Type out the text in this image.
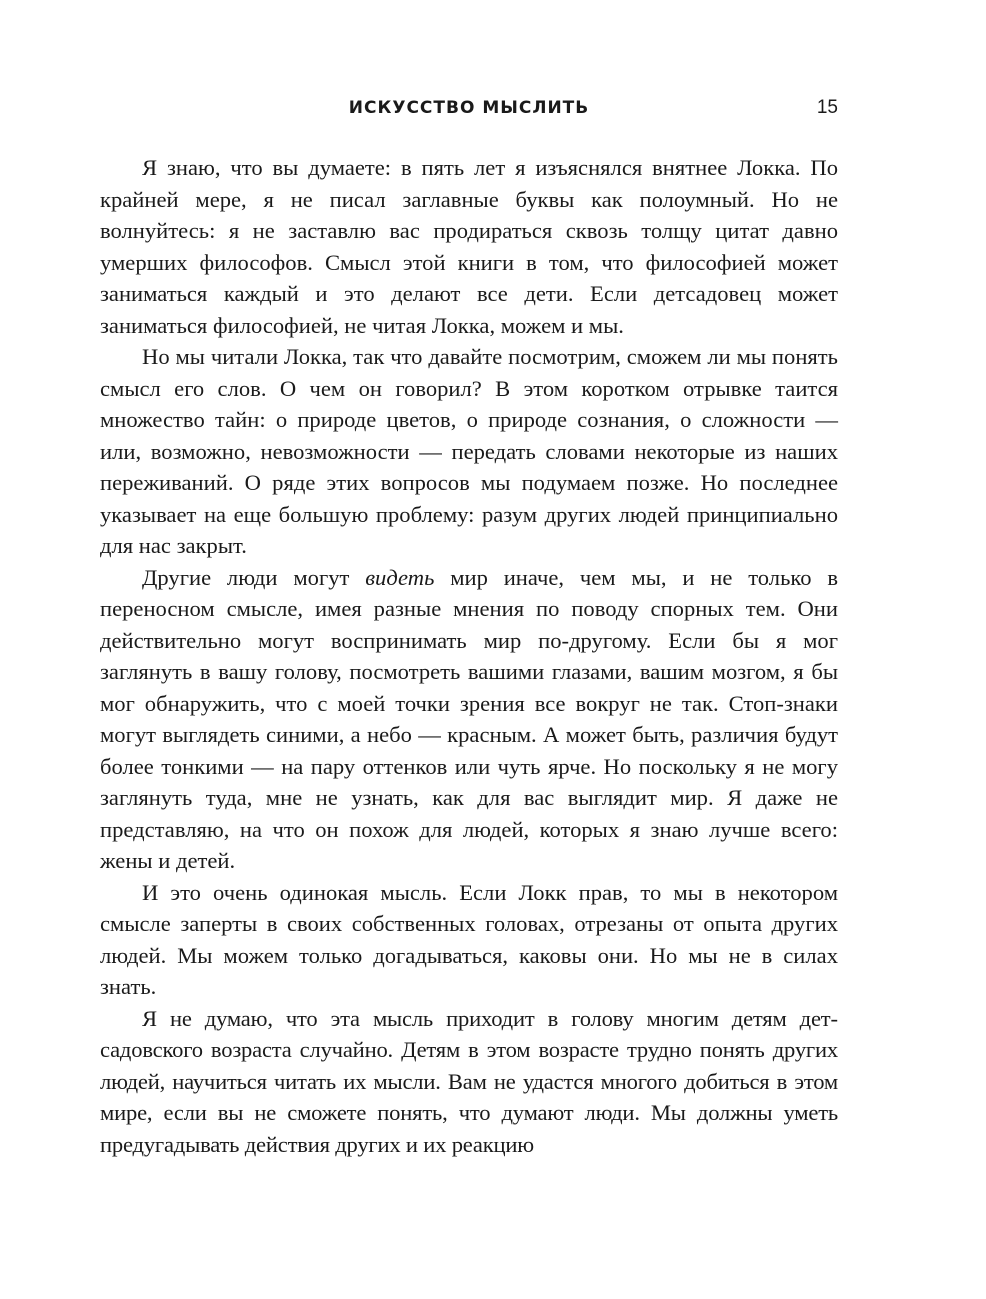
ИСКУССТВО МЫСЛИТЬ	15

Я знаю, что вы думаете: в пять лет я изъяснялся внятнее Локка. По крайней мере, я не писал заглавные буквы как полоумный. Но не волнуйтесь: я не заставлю вас продираться сквозь толщу цитат давно умерших философов. Смысл этой книги в том, что философией может заниматься каждый и это делают все дети. Если детсадовец может заниматься философией, не читая Локка, можем и мы.

Но мы читали Локка, так что давайте посмотрим, сможем ли мы понять смысл его слов. О чем он говорил? В этом коротком отрывке таится множество тайн: о природе цветов, о природе сознания, о сложности — или, возможно, невозможности — передать словами некоторые из наших переживаний. О ряде этих вопросов мы подумаем позже. Но последнее указывает на еще большую проблему: разум других людей принципиально для нас закрыт.

Другие люди могут видеть мир иначе, чем мы, и не только в переносном смысле, имея разные мнения по поводу спорных тем. Они действительно могут воспринимать мир по-другому. Если бы я мог заглянуть в вашу голову, посмотреть вашими глазами, вашим мозгом, я бы мог обнаружить, что с моей точки зрения все вокруг не так. Стоп-знаки могут выглядеть синими, а небо — красным. А может быть, различия будут более тонкими — на пару оттенков или чуть ярче. Но поскольку я не могу заглянуть туда, мне не узнать, как для вас выглядит мир. Я даже не представляю, на что он похож для людей, которых я знаю лучше всего: жены и детей.

И это очень одинокая мысль. Если Локк прав, то мы в некотором смысле заперты в своих собственных головах, отрезаны от опыта других людей. Мы можем только догадываться, каковы они. Но мы не в силах знать.

Я не думаю, что эта мысль приходит в голову многим детям детсадовского возраста случайно. Детям в этом возрасте трудно понять других людей, научиться читать их мысли. Вам не удастся многого добиться в этом мире, если вы не сможете понять, что думают люди. Мы должны уметь предугадывать действия других и их реакцию
